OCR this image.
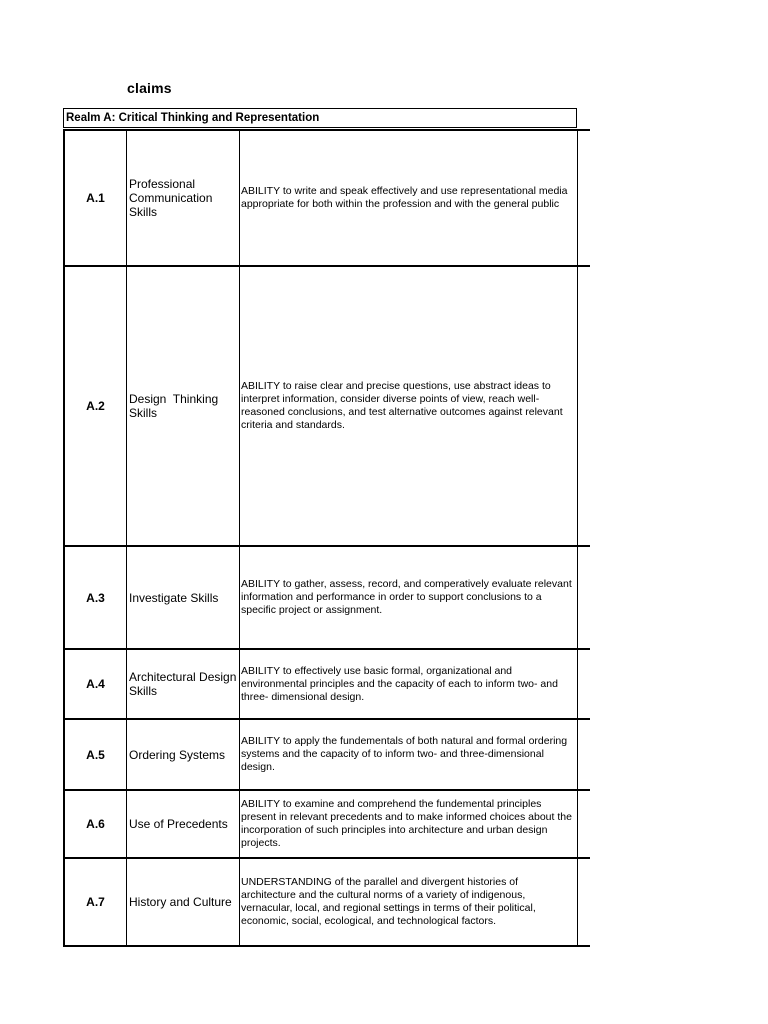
claims
Realm A: Critical Thinking and Representation
A.1
Professional Communication Skills
ABILITY to write and speak effectively and use representational media appropriate for both within the profession and with the general public
A.2	Design  Thinking Skills
ABILITY to raise clear and precise questions, use abstract ideas to interpret information, consider diverse points of view, reach well-reasoned conclusions, and test alternative outcomes against relevant criteria and standards.
A.3	Investigate Skills
ABILITY to gather, assess, record, and comperatively evaluate relevant information and performance in order to support conclusions to a specific project or assignment.
A.4	Architectural Design Skills
ABILITY to effectively use basic formal, organizational and environmental principles and the capacity of each to inform two- and three- dimensional design.
A.5	Ordering Systems
ABILITY to apply the fundementals of both natural and formal ordering systems and the capacity of to inform two- and three-dimensional design.
A.6	Use of Precedents
ABILITY to examine and comprehend the fundemental principles present in relevant precedents and to make informed choices about the incorporation of such principles into architecture and urban design projects.
A.7	History and Culture
UNDERSTANDING of the parallel and divergent histories of architecture and the cultural norms of a variety of indigenous, vernacular, local, and regional settings in terms of their political, economic, social, ecological, and technological factors.
